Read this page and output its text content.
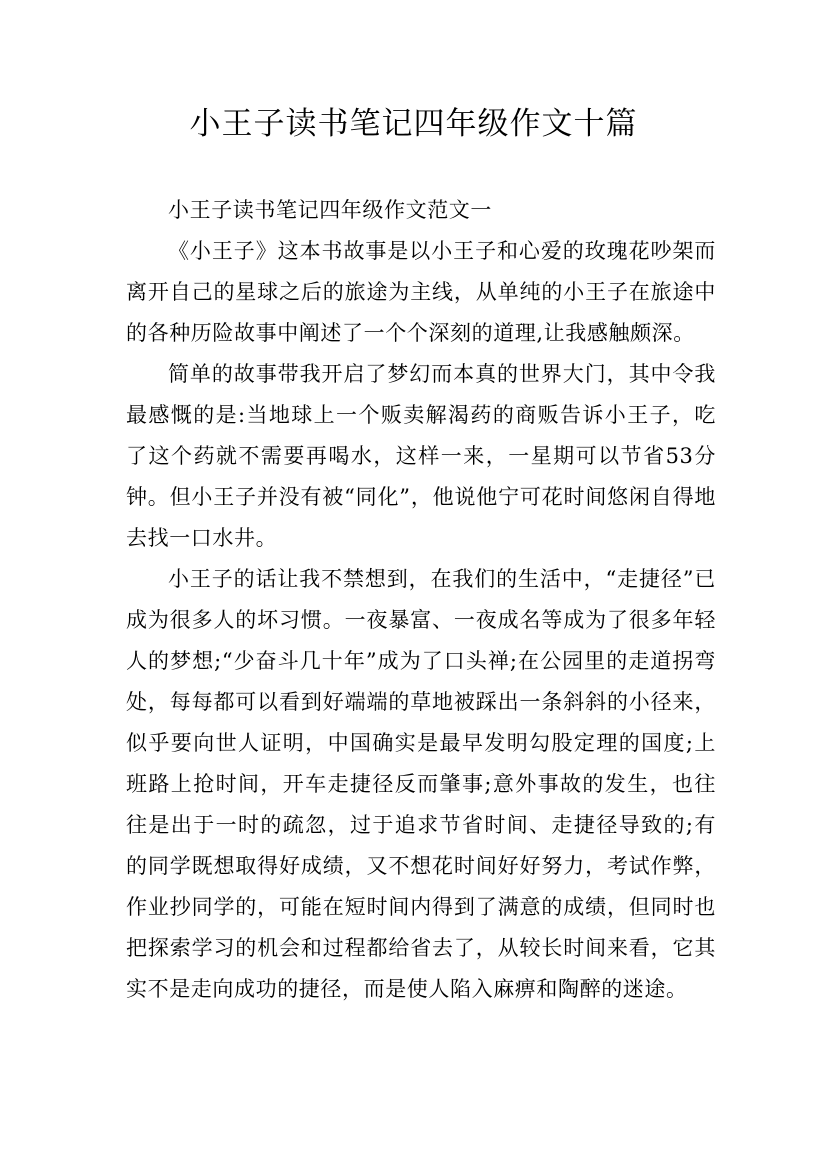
小王子读书笔记四年级作文十篇

小王子读书笔记四年级作文范文一

《小王子》这本书故事是以小王子和心爱的玫瑰花吵架而离开自己的星球之后的旅途为主线，从单纯的小王子在旅途中的各种历险故事中阐述了一个个深刻的道理,让我感触颇深。

简单的故事带我开启了梦幻而本真的世界大门，其中令我最感慨的是:当地球上一个贩卖解渴药的商贩告诉小王子，吃了这个药就不需要再喝水，这样一来，一星期可以节省53分钟。但小王子并没有被“同化”，他说他宁可花时间悠闲自得地去找一口水井。

小王子的话让我不禁想到，在我们的生活中，“走捷径”已成为很多人的坏习惯。一夜暴富、一夜成名等成为了很多年轻人的梦想;“少奋斗几十年”成为了口头禅;在公园里的走道拐弯处，每每都可以看到好端端的草地被踩出一条斜斜的小径来，似乎要向世人证明，中国确实是最早发明勾股定理的国度;上班路上抢时间，开车走捷径反而肇事;意外事故的发生，也往往是出于一时的疏忽，过于追求节省时间、走捷径导致的;有的同学既想取得好成绩，又不想花时间好好努力，考试作弊，作业抄同学的，可能在短时间内得到了满意的成绩，但同时也把探索学习的机会和过程都给省去了，从较长时间来看，它其实不是走向成功的捷径，而是使人陷入麻痹和陶醉的迷途。
